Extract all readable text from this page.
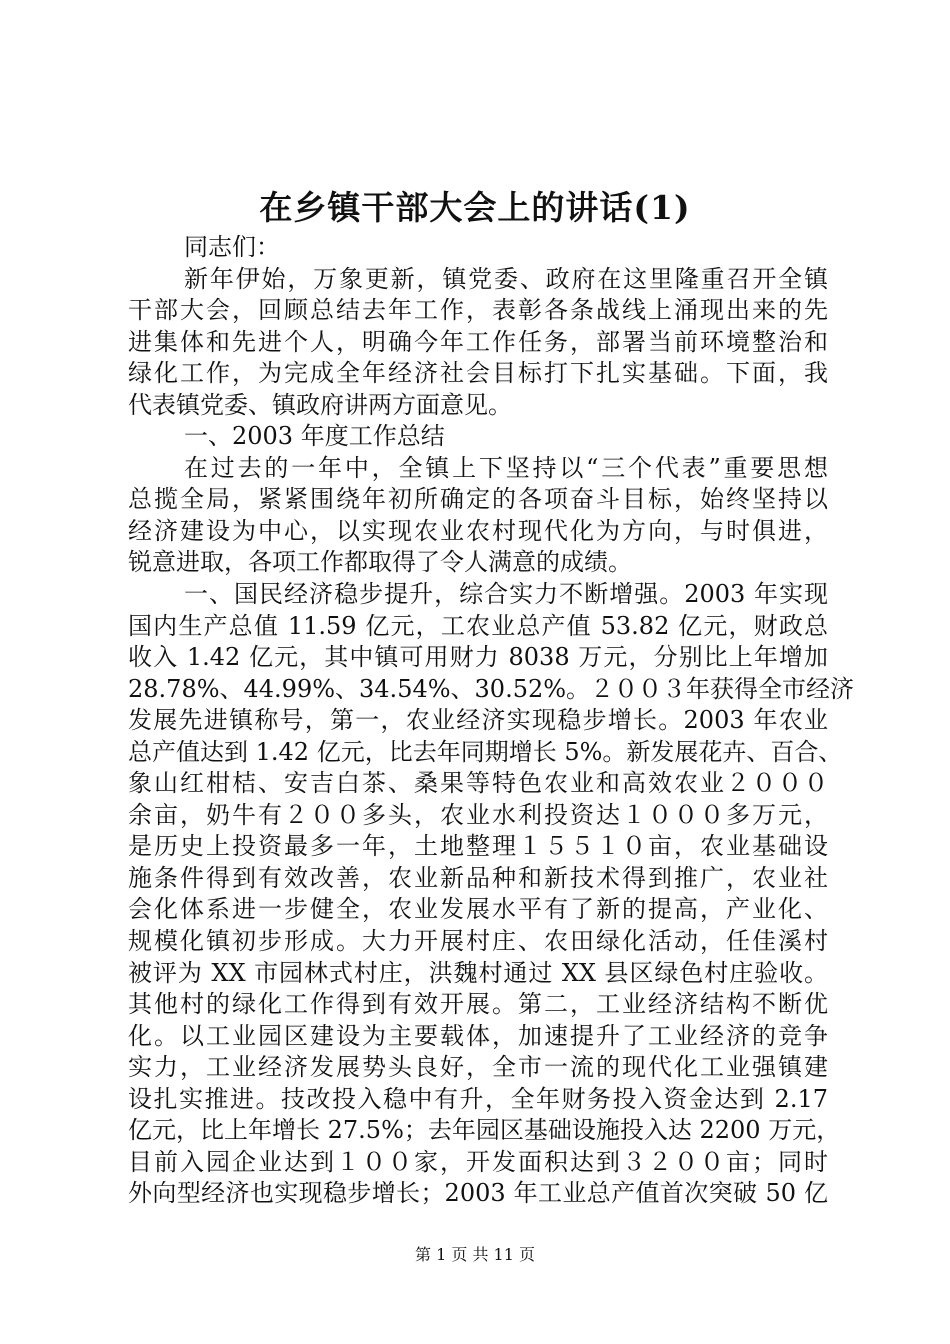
在乡镇干部大会上的讲话(1)
同志们：
新年伊始，万象更新，镇党委、政府在这里隆重召开全镇
干部大会，回顾总结去年工作，表彰各条战线上涌现出来的先
进集体和先进个人，明确今年工作任务，部署当前环境整治和
绿化工作，为完成全年经济社会目标打下扎实基础。下面，我
代表镇党委、镇政府讲两方面意见。
一、2003 年度工作总结
在过去的一年中，全镇上下坚持以“三个代表”重要思想
总揽全局，紧紧围绕年初所确定的各项奋斗目标，始终坚持以
经济建设为中心，以实现农业农村现代化为方向，与时俱进，
锐意进取，各项工作都取得了令人满意的成绩。
一、国民经济稳步提升，综合实力不断增强。2003 年实现
国内生产总值 11.59 亿元，工农业总产值 53.82 亿元，财政总
收入 1.42 亿元，其中镇可用财力 8038 万元，分别比上年增加
28.78%、44.99%、34.54%、30.52%。２００３年获得全市经济
发展先进镇称号，第一，农业经济实现稳步增长。2003 年农业
总产值达到 1.42 亿元，比去年同期增长 5%。新发展花卉、百合、
象山红柑桔、安吉白茶、桑果等特色农业和高效农业２０００
余亩，奶牛有２００多头，农业水利投资达１０００多万元，
是历史上投资最多一年，土地整理１５５１０亩，农业基础设
施条件得到有效改善，农业新品种和新技术得到推广，农业社
会化体系进一步健全，农业发展水平有了新的提高，产业化、
规模化镇初步形成。大力开展村庄、农田绿化活动，任佳溪村
被评为 XX 市园林式村庄，洪魏村通过 XX 县区绿色村庄验收。
其他村的绿化工作得到有效开展。第二，工业经济结构不断优
化。以工业园区建设为主要载体，加速提升了工业经济的竞争
实力，工业经济发展势头良好，全市一流的现代化工业强镇建
设扎实推进。技改投入稳中有升，全年财务投入资金达到 2.17
亿元，比上年增长 27.5%；去年园区基础设施投入达 2200 万元，
目前入园企业达到１００家，开发面积达到３２００亩；同时
外向型经济也实现稳步增长；2003 年工业总产值首次突破 50 亿
第 1 页 共 11 页
